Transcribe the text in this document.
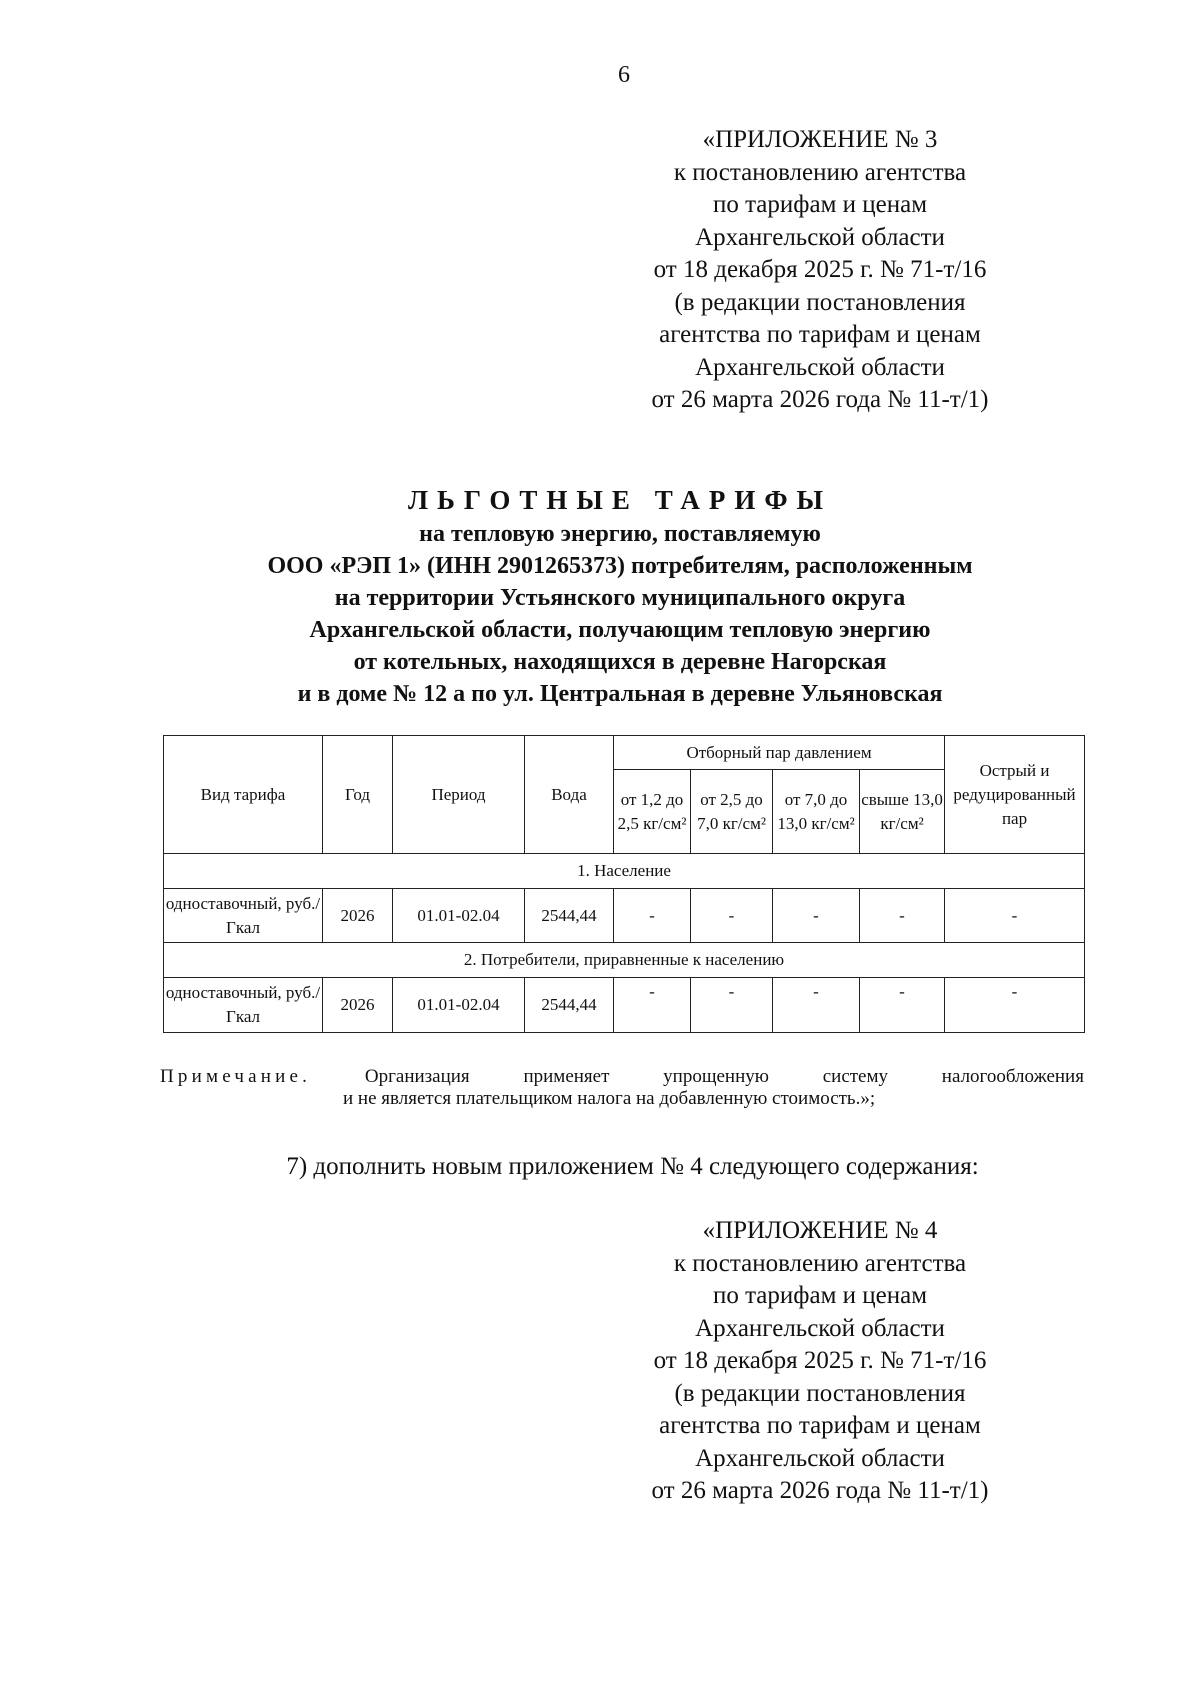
6
«ПРИЛОЖЕНИЕ № 3
к постановлению агентства
по тарифам и ценам
Архангельской области
от 18 декабря 2025 г. № 71-т/16
(в редакции постановления
агентства по тарифам и ценам
Архангельской области
от 26 марта 2026 года № 11-т/1)
ЛЬГОТНЫЕ ТАРИФЫ
на тепловую энергию, поставляемую
ООО «РЭП 1» (ИНН 2901265373) потребителям, расположенным
на территории Устьянского муниципального округа
Архангельской области, получающим тепловую энергию
от котельных, находящихся в деревне Нагорская
и в доме № 12 а по ул. Центральная в деревне Ульяновская
Вид тарифа	Год	Период	Вода	Отборный пар давлением				Острый и редуцированный пар
				от 1,2 до 2,5 кг/см²	от 2,5 до 7,0 кг/см²	от 7,0 до 13,0 кг/см²	свыше 13,0 кг/см²	
1. Население								
одноставочный, руб./Гкал	2026	01.01-02.04	2544,44	-	-	-	-	-
2. Потребители, приравненные к населению								
одноставочный, руб./Гкал	2026	01.01-02.04	2544,44	-	-	-	-	-
Примечание.	Организация	применяет	упрощенную	систему	налогообложения
и не является плательщиком налога на добавленную стоимость.»;
7) дополнить новым приложением № 4 следующего содержания:
«ПРИЛОЖЕНИЕ № 4
к постановлению агентства
по тарифам и ценам
Архангельской области
от 18 декабря 2025 г. № 71-т/16
(в редакции постановления
агентства по тарифам и ценам
Архангельской области
от 26 марта 2026 года № 11-т/1)
